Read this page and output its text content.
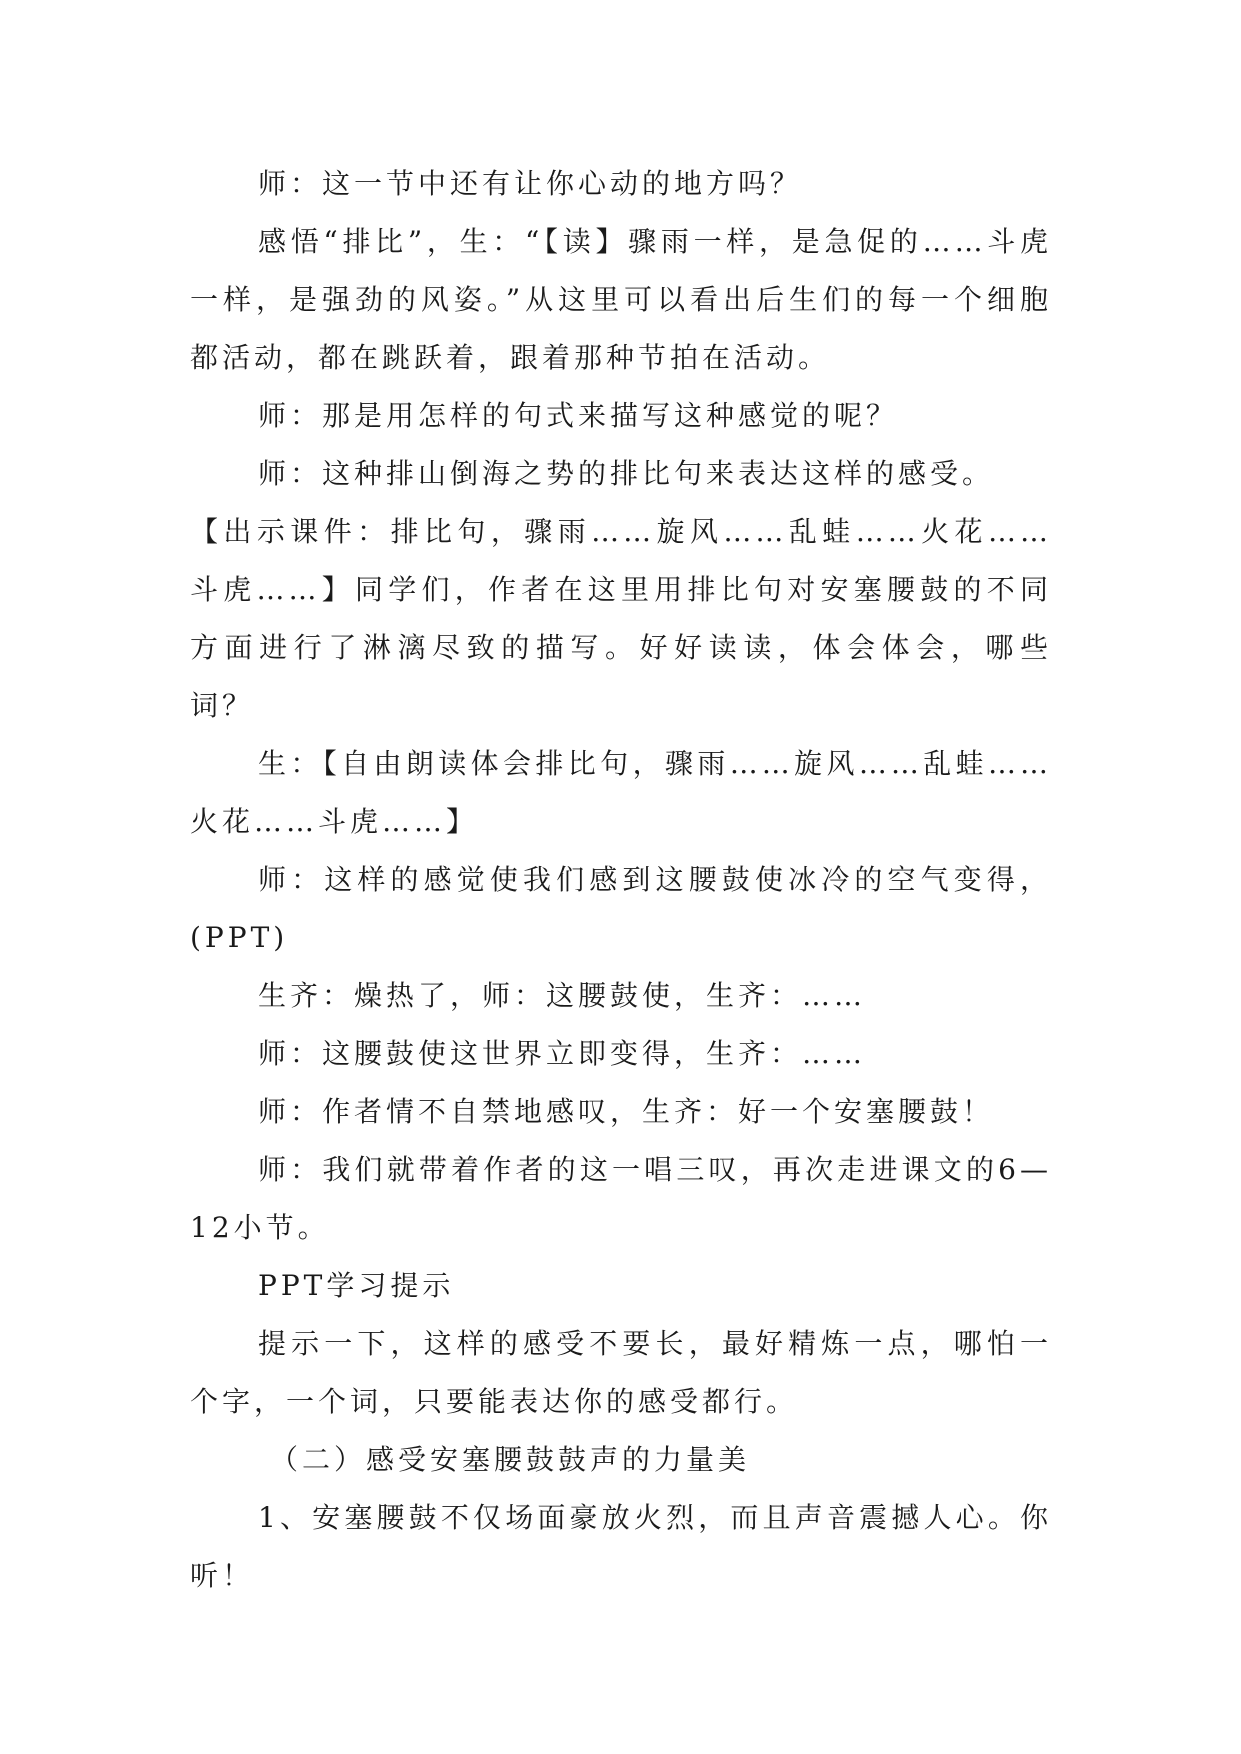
师：这一节中还有让你心动的地方吗？

感悟“排比”，生：“【读】骤雨一样，是急促的……斗虎一样，是强劲的风姿。”从这里可以看出后生们的每一个细胞都活动，都在跳跃着，跟着那种节拍在活动。

师：那是用怎样的句式来描写这种感觉的呢？

师：这种排山倒海之势的排比句来表达这样的感受。

【出示课件：排比句，骤雨……旋风……乱蛙……火花……斗虎……】同学们，作者在这里用排比句对安塞腰鼓的不同方面进行了淋漓尽致的描写。好好读读，体会体会，哪些词？

生：【自由朗读体会排比句，骤雨……旋风……乱蛙……火花……斗虎……】

师：这样的感觉使我们感到这腰鼓使冰冷的空气变得，(PPT)

生齐：燥热了，师：这腰鼓使，生齐：……

师：这腰鼓使这世界立即变得，生齐：……

师：作者情不自禁地感叹，生齐：好一个安塞腰鼓！

师：我们就带着作者的这一唱三叹，再次走进课文的6—12小节。

PPT学习提示

提示一下，这样的感受不要长，最好精炼一点，哪怕一个字，一个词，只要能表达你的感受都行。

（二）感受安塞腰鼓鼓声的力量美

1、安塞腰鼓不仅场面豪放火烈，而且声音震撼人心。你听！
